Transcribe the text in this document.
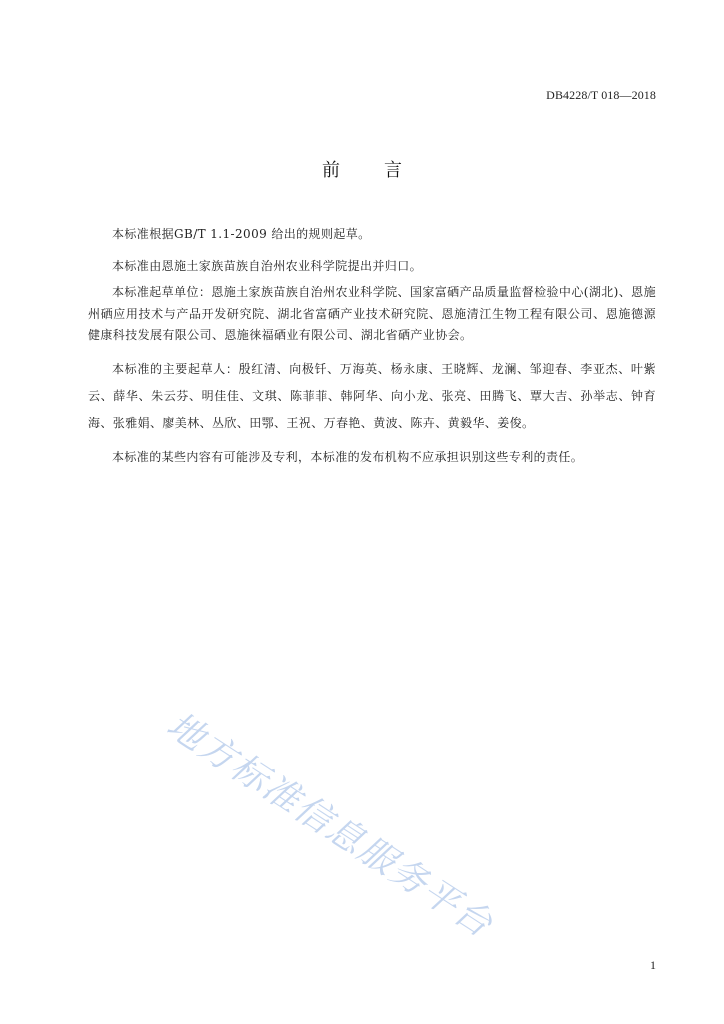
DB4228/T 018—2018
前言

本标准根据GB/T 1.1-2009 给出的规则起草。

本标准由恩施土家族苗族自治州农业科学院提出并归口。

本标准起草单位：恩施土家族苗族自治州农业科学院、国家富硒产品质量监督检验中心(湖北)、恩施州硒应用技术与产品开发研究院、湖北省富硒产业技术研究院、恩施清江生物工程有限公司、恩施德源健康科技发展有限公司、恩施徕福硒业有限公司、湖北省硒产业协会。

本标准的主要起草人：殷红清、向极钎、万海英、杨永康、王晓辉、龙澜、邹迎春、李亚杰、叶紫云、薛华、朱云芬、明佳佳、文琪、陈菲菲、韩阿华、向小龙、张亮、田腾飞、覃大吉、孙举志、钟育海、张雅娟、廖美林、丛欣、田鄂、王祝、万春艳、黄波、陈卉、黄毅华、姜俊。

本标准的某些内容有可能涉及专利，本标准的发布机构不应承担识别这些专利的责任。

地方标准信息服务平台
1
